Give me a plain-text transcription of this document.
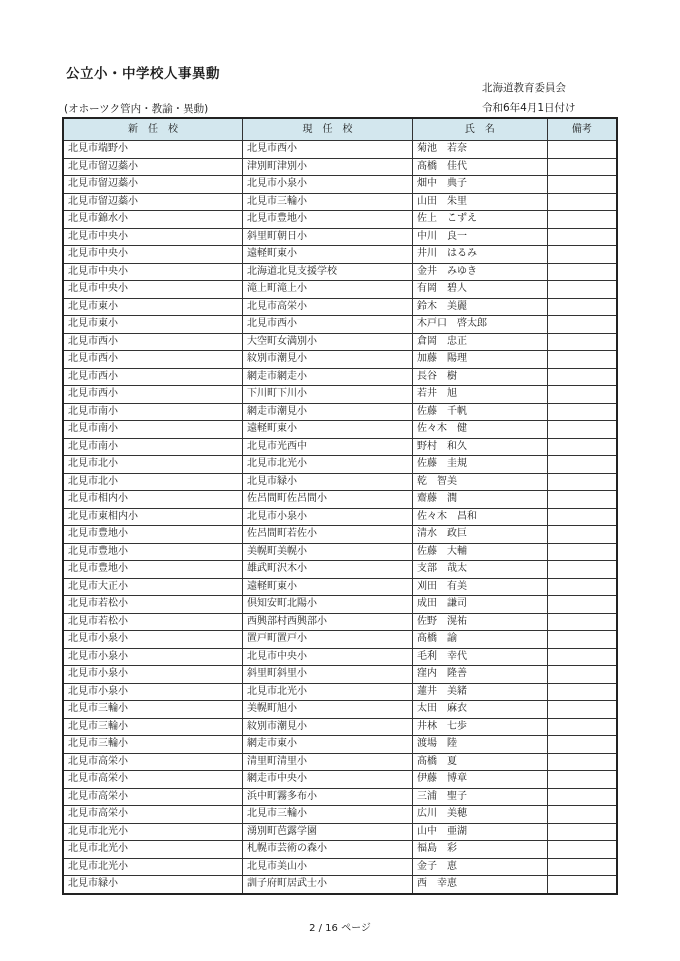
公立小・中学校人事異動
北海道教育委員会
(オホーツク管内・教諭・異動)	令和6年4月1日付け
新　任　校	現　任　校	氏　名	備考
北見市端野小	北見市西小	菊池　若奈	
北見市留辺蘂小	津別町津別小	髙橋　佳代	
北見市留辺蘂小	北見市小泉小	畑中　典子	
北見市留辺蘂小	北見市三輪小	山田　朱里	
北見市錦水小	北見市豊地小	佐上　こずえ	
北見市中央小	斜里町朝日小	中川　良一	
北見市中央小	遠軽町東小	井川　はるみ	
北見市中央小	北海道北見支援学校	金井　みゆき	
北見市中央小	滝上町滝上小	有岡　碧人	
北見市東小	北見市高栄小	鈴木　美麗	
北見市東小	北見市西小	木戸口　啓太郎	
北見市西小	大空町女満別小	倉岡　忠正	
北見市西小	紋別市潮見小	加藤　陽理	
北見市西小	網走市網走小	長谷　樹	
北見市西小	下川町下川小	若井　旭	
北見市南小	網走市潮見小	佐藤　千帆	
北見市南小	遠軽町東小	佐々木　健	
北見市南小	北見市光西中	野村　和久	
北見市北小	北見市北光小	佐藤　圭規	
北見市北小	北見市緑小	乾　智美	
北見市相内小	佐呂間町佐呂間小	齋藤　潤	
北見市東相内小	北見市小泉小	佐々木　昌和	
北見市豊地小	佐呂間町若佐小	清水　政巨	
北見市豊地小	美幌町美幌小	佐藤　大輔	
北見市豊地小	雄武町沢木小	支部　哉太	
北見市大正小	遠軽町東小	刈田　有美	
北見市若松小	倶知安町北陽小	成田　謙司	
北見市若松小	西興部村西興部小	佐野　滉祐	
北見市小泉小	置戸町置戸小	髙橋　諭	
北見市小泉小	北見市中央小	毛利　幸代	
北見市小泉小	斜里町斜里小	窪内　隆善	
北見市小泉小	北見市北光小	蓮井　美緒	
北見市三輪小	美幌町旭小	太田　麻衣	
北見市三輪小	紋別市潮見小	井林　七歩	
北見市三輪小	網走市東小	渡場　陸	
北見市高栄小	清里町清里小	髙橋　夏	
北見市高栄小	網走市中央小	伊藤　博章	
北見市高栄小	浜中町霧多布小	三浦　聖子	
北見市高栄小	北見市三輪小	広川　美穂	
北見市北光小	湧別町芭露学園	山中　亜湖	
北見市北光小	札幌市芸術の森小	福島　彩	
北見市北光小	北見市美山小	金子　恵	
北見市緑小	訓子府町居武士小	西　幸恵	
2 / 16 ページ
